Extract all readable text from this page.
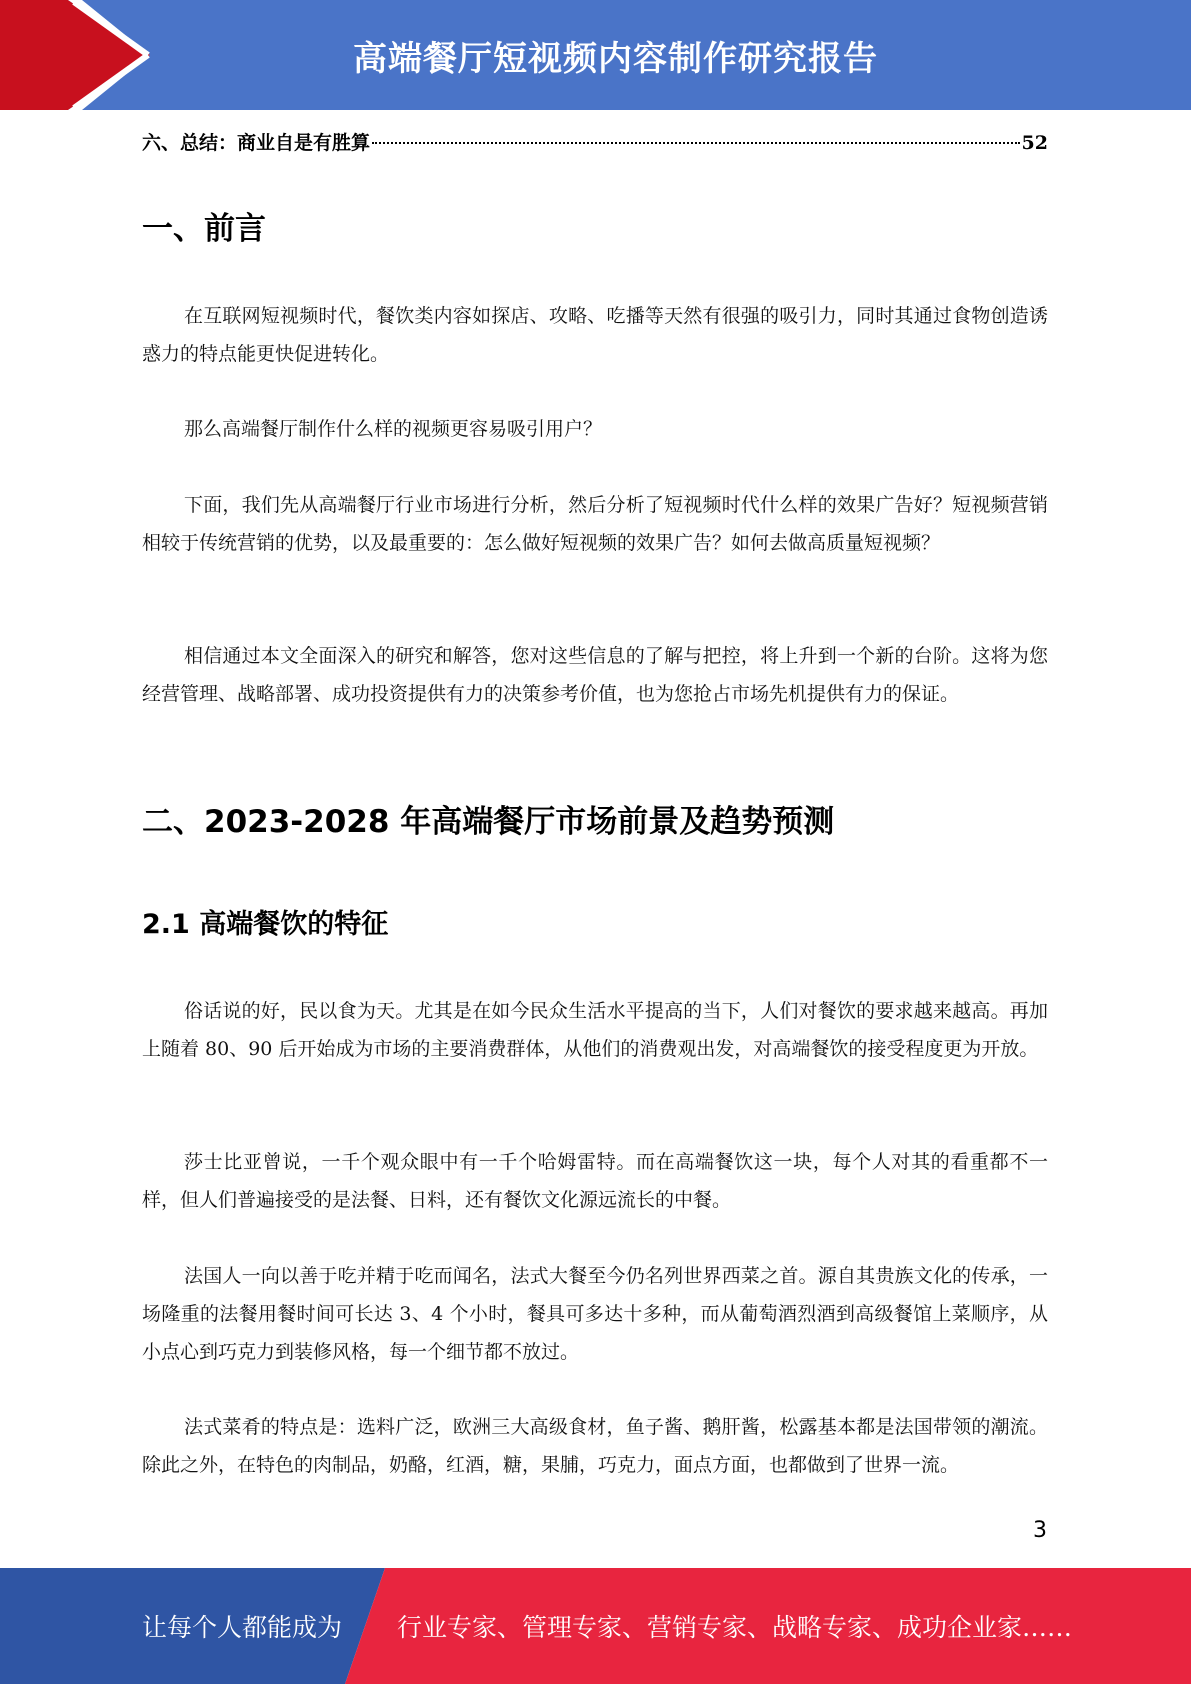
高端餐厅短视频内容制作研究报告
六、总结：商业自是有胜算	52
一、前言

在互联网短视频时代，餐饮类内容如探店、攻略、吃播等天然有很强的吸引力，同时其通过食物创造诱惑力的特点能更快促进转化。

那么高端餐厅制作什么样的视频更容易吸引用户？

下面，我们先从高端餐厅行业市场进行分析，然后分析了短视频时代什么样的效果广告好？短视频营销相较于传统营销的优势，以及最重要的：怎么做好短视频的效果广告？如何去做高质量短视频？

相信通过本文全面深入的研究和解答，您对这些信息的了解与把控，将上升到一个新的台阶。这将为您经营管理、战略部署、成功投资提供有力的决策参考价值，也为您抢占市场先机提供有力的保证。

二、2023-2028 年高端餐厅市场前景及趋势预测
2.1 高端餐饮的特征

俗话说的好，民以食为天。尤其是在如今民众生活水平提高的当下，人们对餐饮的要求越来越高。再加上随着 80、90 后开始成为市场的主要消费群体，从他们的消费观出发，对高端餐饮的接受程度更为开放。

莎士比亚曾说，一千个观众眼中有一千个哈姆雷特。而在高端餐饮这一块，每个人对其的看重都不一样，但人们普遍接受的是法餐、日料，还有餐饮文化源远流长的中餐。

法国人一向以善于吃并精于吃而闻名，法式大餐至今仍名列世界西菜之首。源自其贵族文化的传承，一场隆重的法餐用餐时间可长达 3、4 个小时，餐具可多达十多种，而从葡萄酒烈酒到高级餐馆上菜顺序，从小点心到巧克力到装修风格，每一个细节都不放过。

法式菜肴的特点是：选料广泛，欧洲三大高级食材，鱼子酱、鹅肝酱，松露基本都是法国带领的潮流。除此之外，在特色的肉制品，奶酪，红酒，糖，果脯，巧克力，面点方面，也都做到了世界一流。

3
让每个人都能成为 行业专家、管理专家、营销专家、战略专家、成功企业家……
